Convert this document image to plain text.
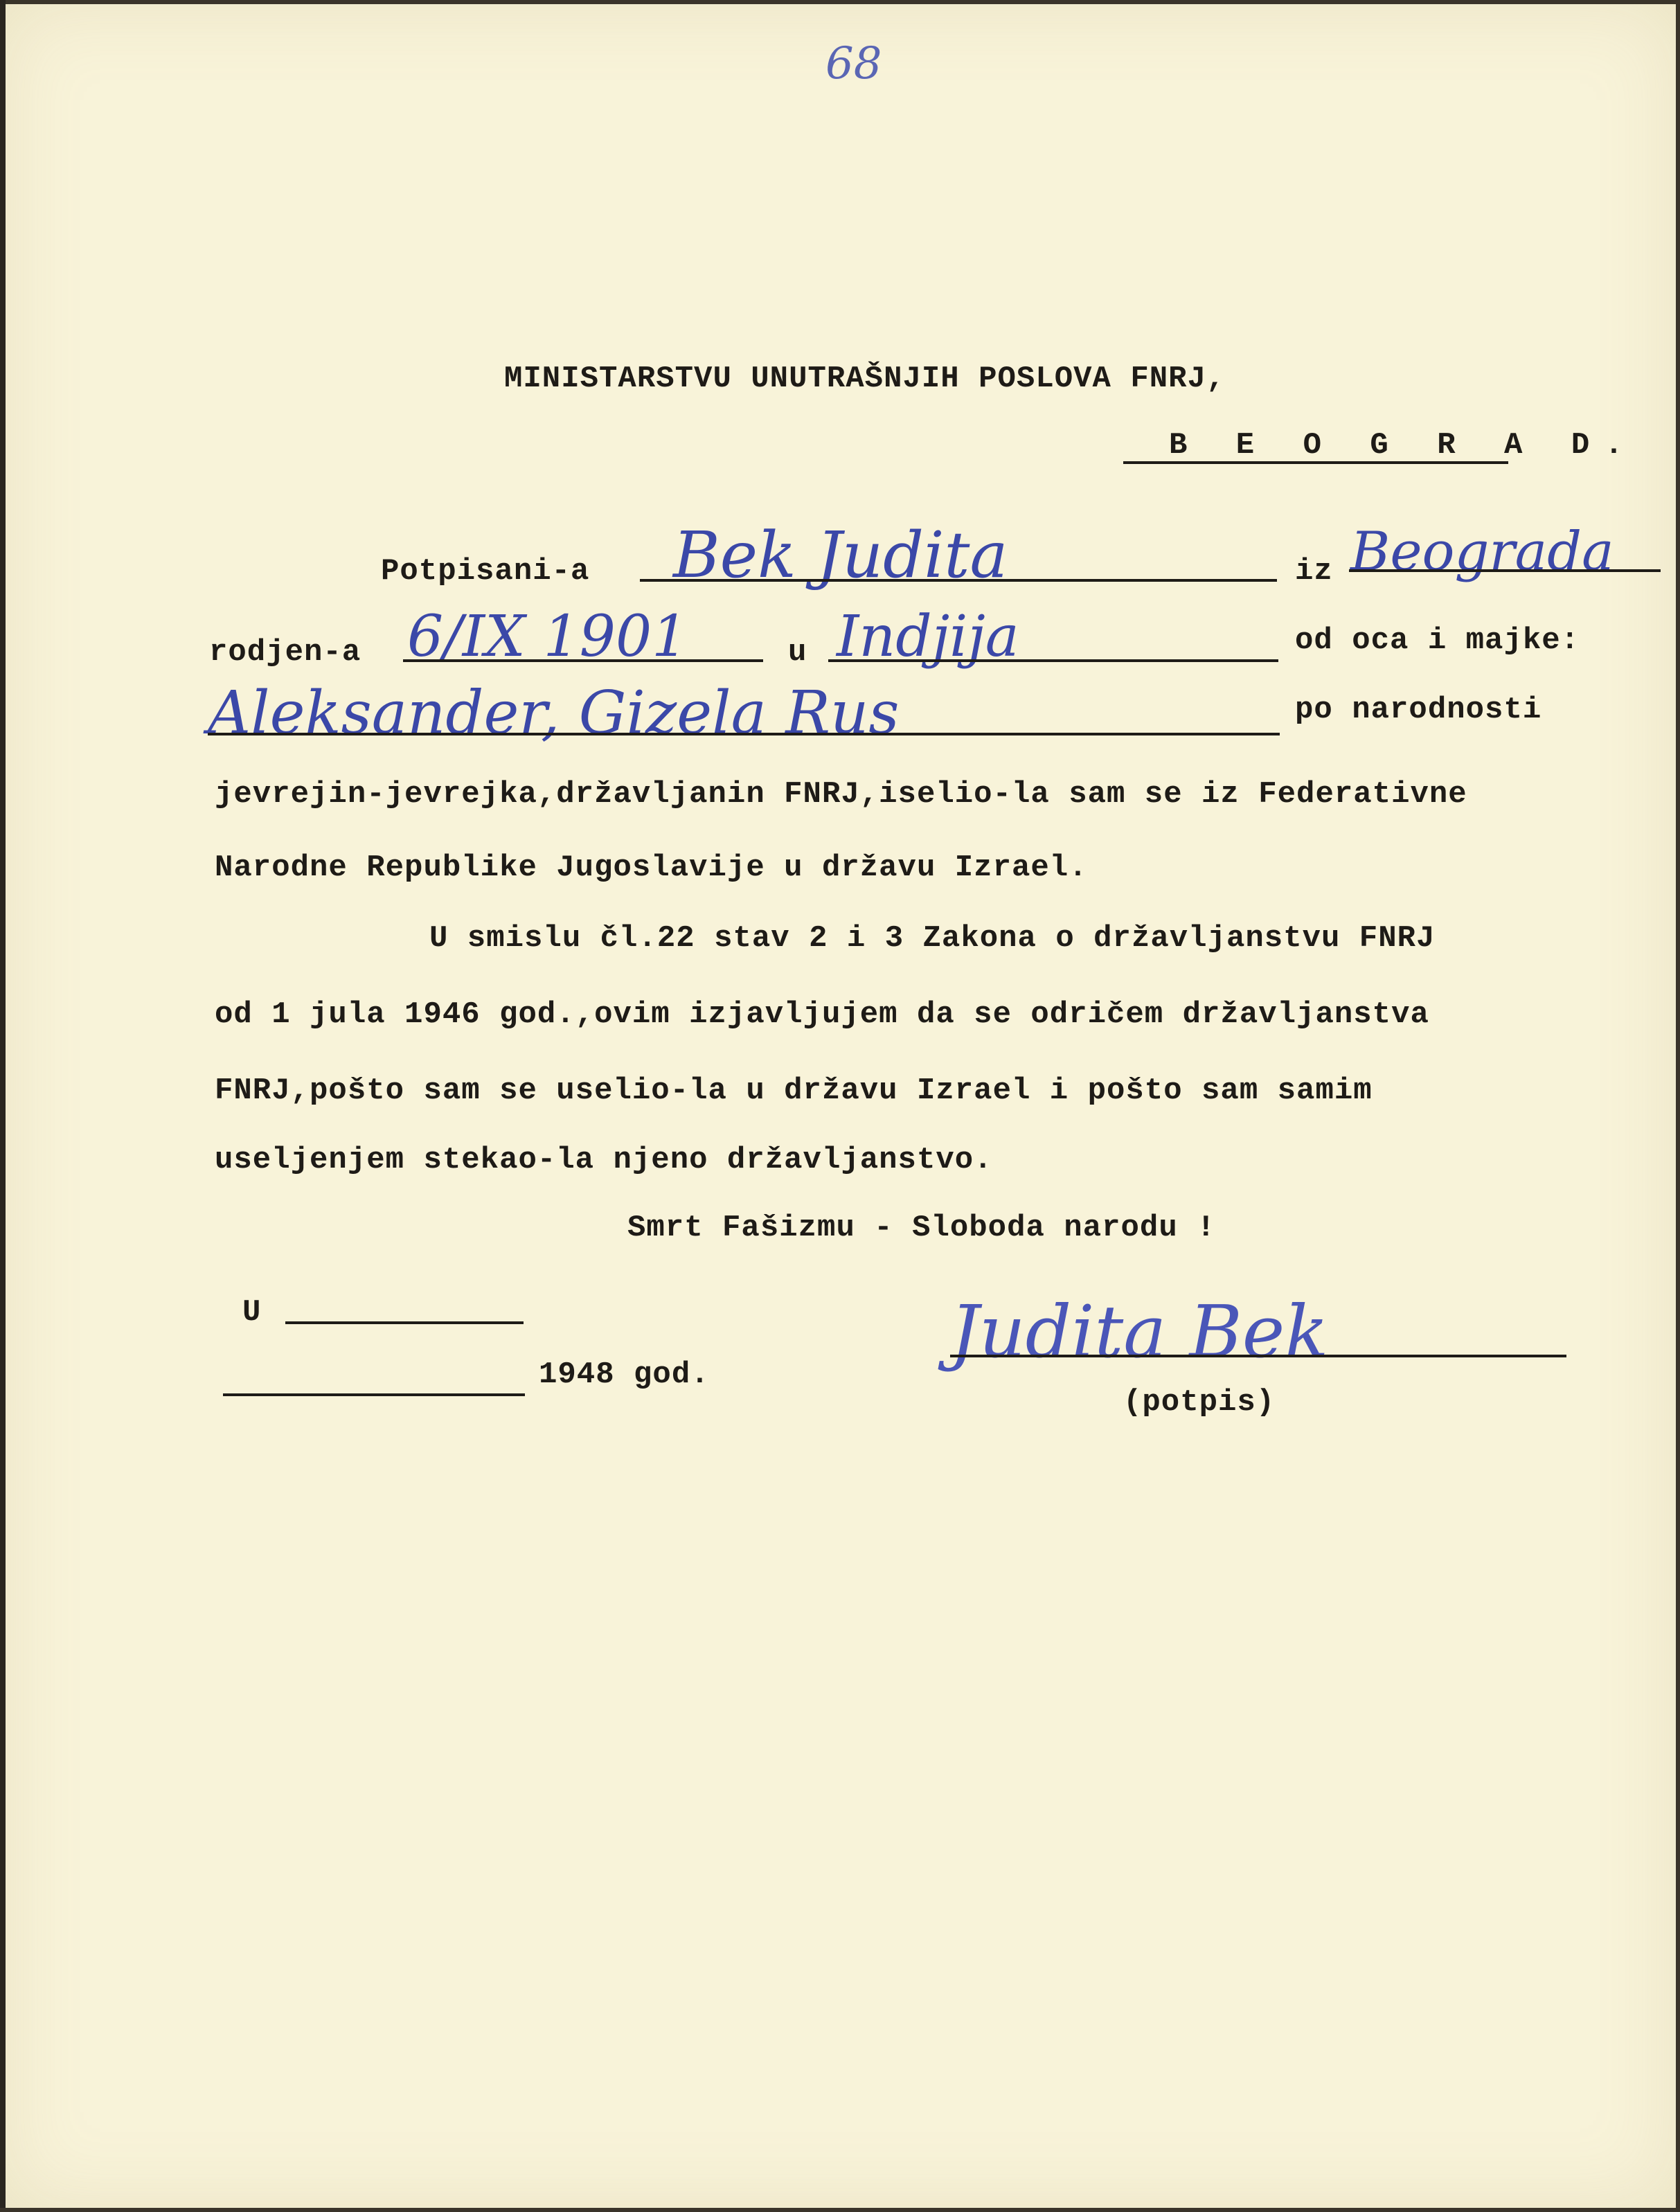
68
MINISTARSTVU UNUTRAŠNJIH POSLOVA FNRJ,
B E O G R A D.
Potpisani-a Bek Judita	iz Beograda
rodjen-a 6/IX 1901	u Indjija	od oca i majke:
Aleksander, Gizela Rus	po narodnosti
jevrejin-jevrejka,državljanin FNRJ,iselio-la sam se iz Federativne
Narodne Republike Jugoslavije u državu Izrael.
U smislu čl.22 stav 2 i 3 Zakona o državljanstvu FNRJ
od 1 jula 1946 god.,ovim izjavljujem da se odričem državljanstva
FNRJ,pošto sam se uselio-la u državu Izrael i pošto sam samim
useljenjem stekao-la njeno državljanstvo.
Smrt Fašizmu - Sloboda narodu !
U
1948 god.
Judita Bek
(potpis)
